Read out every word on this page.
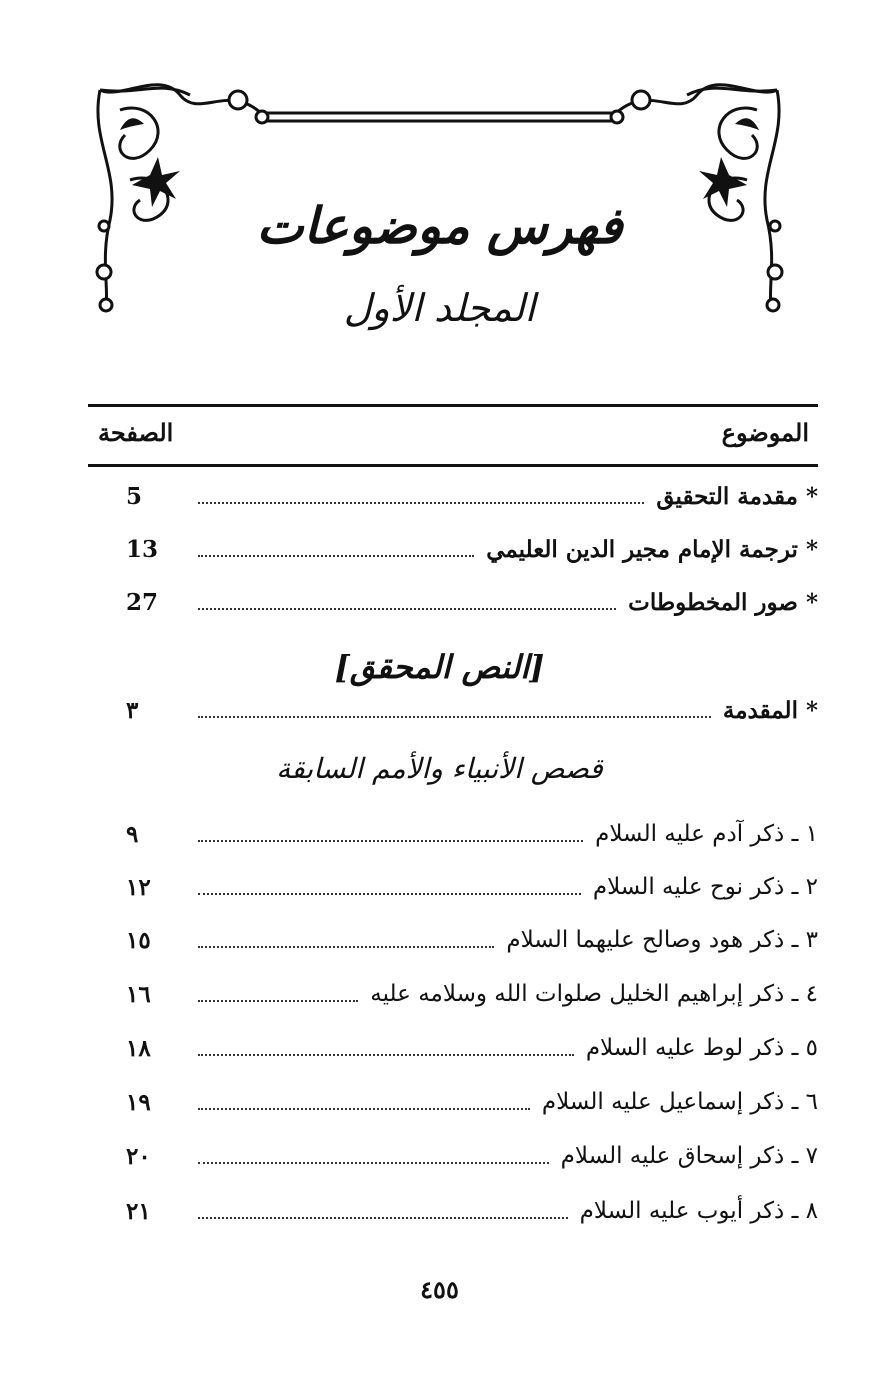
فهرس موضوعات
المجلد الأول
الموضوع
الصفحة
* مقدمة التحقيق
5
* ترجمة الإمام مجير الدين العليمي
13
* صور المخطوطات
27
[النص المحقق]
* المقدمة
٣
قصص الأنبياء والأمم السابقة
١ ـ ذكر آدم عليه السلام
٩
٢ ـ ذكر نوح عليه السلام
١٢
٣ ـ ذكر هود وصالح عليهما السلام
١٥
٤ ـ ذكر إبراهيم الخليل صلوات الله وسلامه عليه
١٦
٥ ـ ذكر لوط عليه السلام
١٨
٦ ـ ذكر إسماعيل عليه السلام
١٩
٧ ـ ذكر إسحاق عليه السلام
٢٠
٨ ـ ذكر أيوب عليه السلام
٢١
٤٥٥
